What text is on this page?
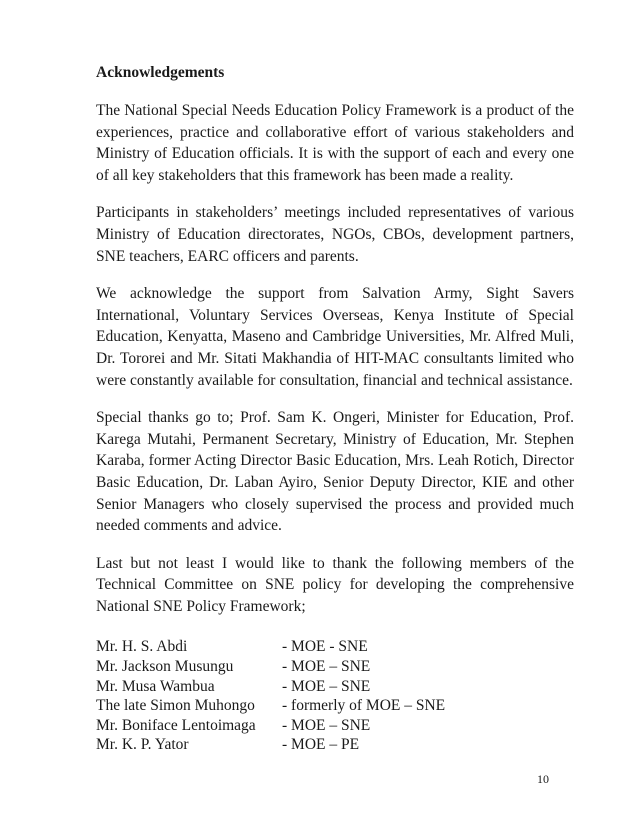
Acknowledgements

The National Special Needs Education Policy Framework is a product of the experiences, practice and collaborative effort of various stakeholders and Ministry of Education officials. It is with the support of each and every one of all key stakeholders that this framework has been made a reality.

Participants in stakeholders’ meetings included representatives of various Ministry of Education directorates, NGOs, CBOs, development partners, SNE teachers, EARC officers and parents.

We acknowledge the support from Salvation Army, Sight Savers International, Voluntary Services Overseas, Kenya Institute of Special Education, Kenyatta, Maseno and Cambridge Universities, Mr. Alfred Muli, Dr. Tororei and Mr. Sitati Makhandia of HIT-MAC consultants limited who were constantly available for consultation, financial and technical assistance.

Special thanks go to; Prof. Sam K. Ongeri, Minister for Education, Prof. Karega Mutahi, Permanent Secretary, Ministry of Education, Mr. Stephen Karaba, former Acting Director Basic Education, Mrs. Leah Rotich, Director Basic Education, Dr. Laban Ayiro, Senior Deputy Director, KIE and other Senior Managers who closely supervised the process and provided much needed comments and advice.

Last but not least I would like to thank the following members of the Technical Committee on SNE policy for developing the comprehensive National SNE Policy Framework;

Mr. H. S. Abdi	- MOE - SNE
Mr. Jackson Musungu	- MOE – SNE
Mr. Musa Wambua	- MOE – SNE
The late Simon Muhongo	- formerly of MOE – SNE
Mr. Boniface Lentoimaga	- MOE – SNE
Mr. K. P. Yator	- MOE – PE
10
